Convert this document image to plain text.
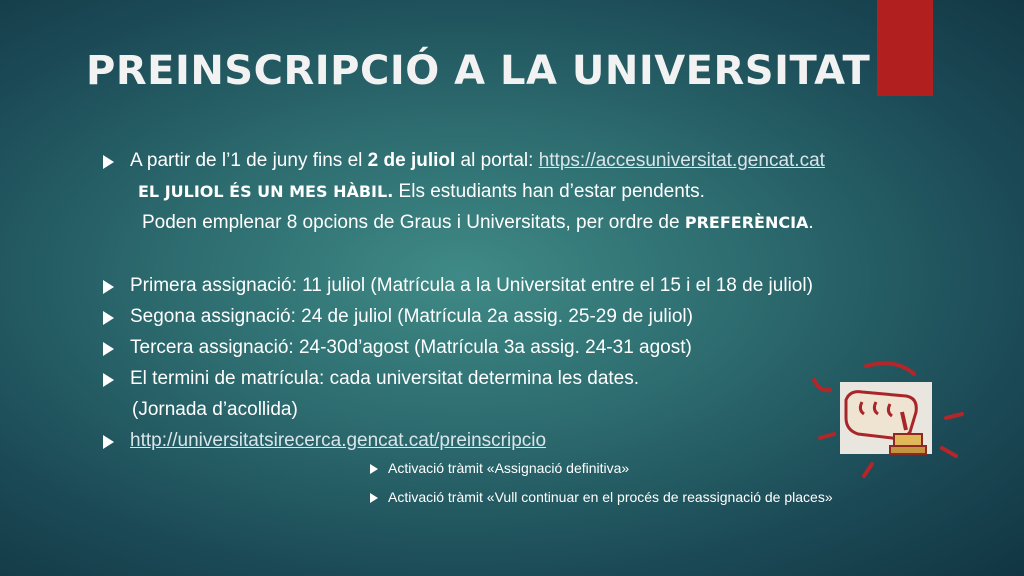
PREINSCRIPCIÓ A LA UNIVERSITAT
A partir de l’1 de juny fins el 2 de juliol al portal: https://accesuniversitat.gencat.cat
EL JULIOL ÉS UN MES HÀBIL. Els estudiants han d’estar pendents.
Poden emplenar 8 opcions de Graus i Universitats, per ordre de PREFERÈNCIA.
Primera assignació: 11 juliol (Matrícula a la Universitat entre el 15 i el 18 de juliol)
Segona assignació: 24 de juliol (Matrícula 2a assig. 25-29 de juliol)
Tercera assignació: 24-30d’agost (Matrícula 3a assig. 24-31 agost)
El termini de matrícula: cada universitat determina les dates.
(Jornada d’acollida)
http://universitatsirecerca.gencat.cat/preinscripcio
Activació tràmit «Assignació definitiva»
Activació tràmit «Vull continuar en el procés de reassignació de places»
